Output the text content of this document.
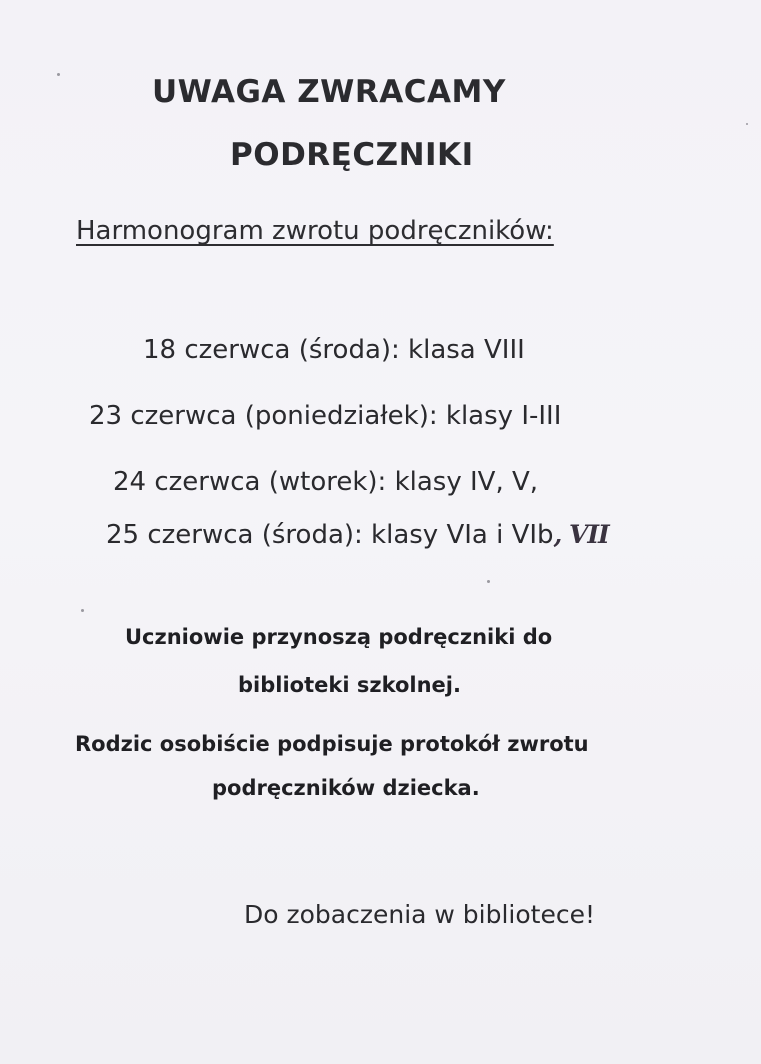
UWAGA ZWRACAMY
PODRĘCZNIKI

Harmonogram zwrotu podręczników:

18 czerwca (środa): klasa VIII

23 czerwca (poniedziałek): klasy I-III

24 czerwca (wtorek): klasy IV, V,

25 czerwca (środa): klasy VIa i VIb, VII

Uczniowie przynoszą podręczniki do

biblioteki szkolnej.

Rodzic osobiście podpisuje protokół zwrotu

podręczników dziecka.

Do zobaczenia w bibliotece!
